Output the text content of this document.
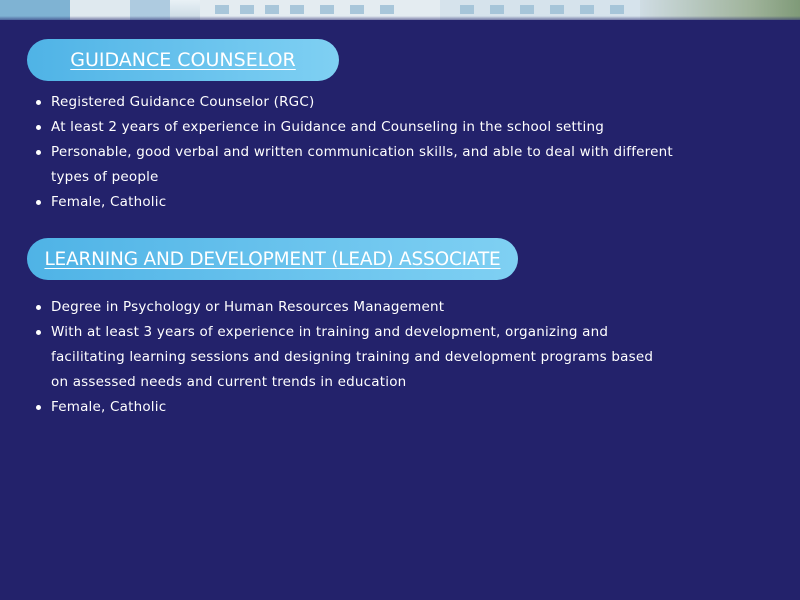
GUIDANCE COUNSELOR
Registered Guidance Counselor (RGC)
At least 2 years of experience in Guidance and Counseling in the school setting
Personable, good verbal and written communication skills, and able to deal with different types of people
Female, Catholic
LEARNING AND DEVELOPMENT (LEAD) ASSOCIATE
Degree in Psychology or Human Resources Management
With at least 3 years of experience in training and development, organizing and facilitating learning sessions and designing training and development programs based on assessed needs and current trends in education
Female, Catholic
